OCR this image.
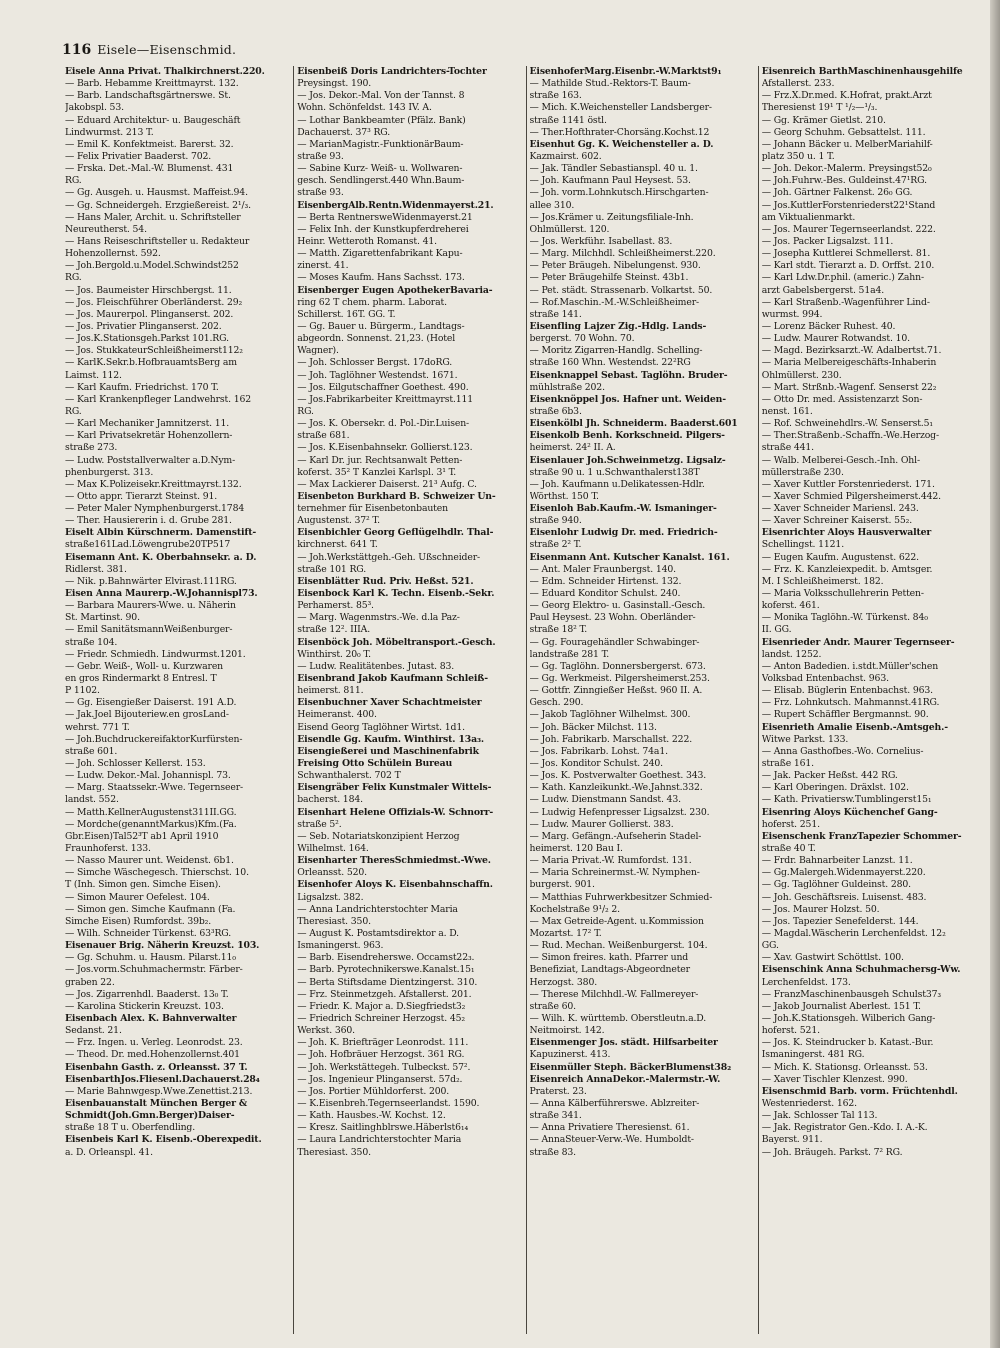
116 Eisele—Eisenschmid.
Eisele Anna Privat. Thalkirchnerst.220.
— Barb. Hebamme Kreittmayrst. 132.
— Barb. Landschaftsgärtnerswe. St.
Jakobspl. 53.
— Eduard Architektur- u. Baugeschäft
Lindwurmst. 213 T.
— Emil K. Konfektmeist. Barerst. 32.
— Felix Privatier Baaderst. 702.
— Frska. Det.-Mal.-W. Blumenst. 431
RG.
— Gg. Ausgeh. u. Hausmst. Maffeist.94.
— Gg. Schneidergeh. Erzgießereist. 2¹/₃.
— Hans Maler, Archit. u. Schriftsteller
Neureutherst. 54.
— Hans Reiseschriftsteller u. Redakteur
Hohenzollernst. 592.
— Joh.Bergold.u.Model.Schwindst252
RG.
— Jos. Baumeister Hirschbergst. 11.
— Jos. Fleischführer Oberländerst. 29₂
— Jos. Maurerpol. Plinganserst. 202.
— Jos. Privatier Plinganserst. 202.
— Jos.K.Stationsgeh.Parkst 101.RG.
— Jos. StukkateurSchleißheimerst112₂
— KarlK.Sekr.b.HofbrauamtsBerg am
Laimst. 112.
— Karl Kaufm. Friedrichst. 170 T.
— Karl Krankenpfleger Landwehrst. 162
RG.
— Karl Mechaniker Jamnitzerst. 11.
— Karl Privatsekretär Hohenzollern-
straße 273.
— Ludw. Poststallverwalter a.D.Nym-
phenburgerst. 313.
— Max K.Polizeisekr.Kreittmayrst.132.
— Otto appr. Tierarzt Steinst. 91.
— Peter Maler Nymphenburgerst.1784
— Ther. Hausiererin i. d. Grube 281.
Eiselt Albin Kürschnerm. Damenstift-
straße161Lad.Löwengrube20TP517
Eisemann Ant. K. Oberbahnsekr. a. D.
Ridlerst. 381.
— Nik. p.Bahnwärter Elvirast.111RG.
Eisen Anna Maurerp.-W.Johannispl73.
— Barbara Maurers-Wwe. u. Näherin
St. Martinst. 90.
— Emil SanitätsmannWeißenburger-
straße 104.
— Friedr. Schmiedh. Lindwurmst.1201.
— Gebr. Weiß-, Woll- u. Kurzwaren
en gros Rindermarkt 8 Entresl. T
P 1102.
— Gg. Eisengießer Daiserst. 191 A.D.
— Jak.Joel Bijouteriew.en grosLand-
wehrst. 771 T.
— Joh.BuchdruckereifaktorKurfürsten-
straße 601.
— Joh. Schlosser Kellerst. 153.
— Ludw. Dekor.-Mal. Johannispl. 73.
— Marg. Staatssekr.-Wwe. Tegernseer-
landst. 552.
— Matth.KellnerAugustenst311II.GG.
— Mordche(genanntMarkus)Kfm.(Fa.
Gbr.Eisen)Tal52³T ab1 April 1910
Fraunhoferst. 133.
— Nasso Maurer unt. Weidenst. 6b1.
— Simche Wäschegesch. Thierschst. 10.
T (Inh. Simon gen. Simche Eisen).
— Simon Maurer Oefelest. 104.
— Simon gen. Simche Kaufmann (Fa.
Simche Eisen) Rumfordst. 39b₂.
— Wilh. Schneider Türkenst. 63³RG.
Eisenauer Brig. Näherin Kreuzst. 103.
— Gg. Schuhm. u. Hausm. Pilarst.11₀
— Jos.vorm.Schuhmachermstr. Färber-
graben 22.
— Jos. Zigarrenhdl. Baaderst. 13₀ T.
— Karolina Stickerin Kreuzst. 103.
Eisenbach Alex. K. Bahnverwalter
Sedanst. 21.
— Frz. Ingen. u. Verleg. Leonrodst. 23.
— Theod. Dr. med.Hohenzollernst.401
Eisenbahn Gasth. z. Orleansst. 37 T.
EisenbarthJos.Fliesenl.Dachauerst.28₄
— Marie Bahnwgesp.Wwe.Zenettist.213.
Eisenbauanstalt München Berger &
Schmidt(Joh.Gmn.Berger)Daiser-
straße 18 T u. Oberfendling.
Eisenbeis Karl K. Eisenb.-Oberexpedit.
a. D. Orleanspl. 41.
Eisenbeiß Doris Landrichters-Tochter
Preysingst. 190.
— Jos. Dekor.-Mal. Von der Tannst. 8
Wohn. Schönfeldst. 143 IV. A.
— Lothar Bankbeamter (Pfälz. Bank)
Dachauerst. 37³ RG.
— MarianMagistr.-FunktionärBaum-
straße 93.
— Sabine Kurz- Weiß- u. Wollwaren-
gesch. Sendlingerst.440 Whn.Baum-
straße 93.
EisenbergAlb.Rentn.Widenmayerst.21.
— Berta RentnersweWidenmayerst.21
— Felix Inh. der Kunstkupferdreherei
Heinr. Wetteroth Romanst. 41.
— Matth. Zigarettenfabrikant Kapu-
zinerst. 41.
— Moses Kaufm. Hans Sachsst. 173.
Eisenberger Eugen ApothekerBavaria-
ring 62 T chem. pharm. Laborat.
Schillerst. 16T. GG. T.
— Gg. Bauer u. Bürgerm., Landtags-
abgeordn. Sonnenst. 21,23. (Hotel
Wagner).
— Joh. Schlosser Bergst. 17doRG.
— Joh. Taglöhner Westendst. 1671.
— Jos. Eilgutschaffner Goethest. 490.
— Jos.Fabrikarbeiter Kreittmayrst.111
RG.
— Jos. K. Obersekr. d. Pol.-Dir.Luisen-
straße 681.
— Jos. K.Eisenbahnsekr. Gollierst.123.
— Karl Dr. jur. Rechtsanwalt Petten-
koferst. 35² T Kanzlei Karlspl. 3¹ T.
— Max Lackierer Daiserst. 21³ Aufg. C.
Eisenbeton Burkhard B. Schweizer Un-
ternehmer für Eisenbetonbauten
Augustenst. 37² T.
Eisenbichler Georg Geflügelhdlr. Thal-
kirchnerst. 641 T.
— Joh.Werkstättgeh.-Geh. Ußschneider-
straße 101 RG.
Eisenblätter Rud. Priv. Heßst. 521.
Eisenbock Karl K. Techn. Eisenb.-Sekr.
Perhamerst. 85³.
— Marg. Wagenmstrs.-We. d.la Paz-
straße 12². IIIA.
Eisenböck Joh. Möbeltransport.-Gesch.
Winthirst. 20₀ T.
— Ludw. Realitätenbes. Jutast. 83.
Eisenbrand Jakob Kaufmann Schleiß-
heimerst. 811.
Eisenbuchner Xaver Schachtmeister
Heimeranst. 400.
Eisend Georg Taglöhner Wirtst. 1d1.
Eisendle Gg. Kaufm. Winthirst. 13a₃.
Eisengießerei und Maschinenfabrik
Freising Otto Schülein Bureau
Schwanthalerst. 702 T
Eisengräber Felix Kunstmaler Wittels-
bacherst. 184.
Eisenhart Helene Offizials-W. Schnorr-
straße 5².
— Seb. Notariatskonzipient Herzog
Wilhelmst. 164.
Eisenharter TheresSchmiedmst.-Wwe.
Orleansst. 520.
Eisenhofer Aloys K. Eisenbahnschaffn.
Ligsalzst. 382.
— Anna Landrichterstochter Maria
Theresiast. 350.
— August K. Postamtsdirektor a. D.
Ismaningerst. 963.
— Barb. Eisendreherswe. Occamst22₃.
— Barb. Pyrotechnikerswe.Kanalst.15₁
— Berta Stiftsdame Dientzingerst. 310.
— Frz. Steinmetzgeh. Afstallerst. 201.
— Friedr. K. Major a. D.Siegfriedst3₂
— Friedrich Schreiner Herzogst. 45₂
Werkst. 360.
— Joh. K. Briefträger Leonrodst. 111.
— Joh. Hofbräuer Herzogst. 361 RG.
— Joh. Werkstättegeh. Tulbeckst. 57².
— Jos. Ingenieur Plinganserst. 57d₂.
— Jos. Portier Mühldorferst. 200.
— K.Eisenbreh.Tegernseerlandst. 1590.
— Kath. Hausbes.-W. Kochst. 12.
— Kresz. Saitlinghblrswe.Häberlst6₁₄
— Laura Landrichterstochter Maria
Theresiast. 350.
EisenhoferMarg.Eisenbr.-W.Marktst9₁
— Mathilde Stud.-Rektors-T. Baum-
straße 163.
— Mich. K.Weichensteller Landsberger-
straße 1141 östl.
— Ther.Hofthrater-Chorsäng.Kochst.12
Eisenhut Gg. K. Weichensteller a. D.
Kazmairst. 602.
— Jak. Tändler Sebastianspl. 40 u. 1.
— Joh. Kaufmann Paul Heysest. 53.
— Joh. vorm.Lohnkutsch.Hirschgarten-
allee 310.
— Jos.Krämer u. Zeitungsfiliale-Inh.
Ohlmüllerst. 120.
— Jos. Werkführ. Isabellast. 83.
— Marg. Milchhdl. Schleißheimerst.220.
— Peter Bräugeh. Nibelungenst. 930.
— Peter Bräugehilfe Steinst. 43b1.
— Pet. städt. Strassenarb. Volkartst. 50.
— Rof.Maschin.-M.-W.Schleißheimer-
straße 141.
Eisenfling Lajzer Zig.-Hdlg. Lands-
bergerst. 70 Wohn. 70.
— Moritz Zigarren-Handlg. Schelling-
straße 160 Whn. Westendst. 22²RG
Eisenknappel Sebast. Taglöhn. Bruder-
mühlstraße 202.
Eisenknöppel Jos. Hafner unt. Weiden-
straße 6b3.
Eisenkölbl Jh. Schneiderm. Baaderst.601
Eisenkolb Benh. Korkschneid. Pilgers-
heimerst. 24² II. A.
Eisenlauer Joh.Schweinmetzg. Ligsalz-
straße 90 u. 1 u.Schwanthalerst138T
— Joh. Kaufmann u.Delikatessen-Hdlr.
Wörthst. 150 T.
Eisenloh Bab.Kaufm.-W. Ismaninger-
straße 940.
Eisenlohr Ludwig Dr. med. Friedrich-
straße 2² T.
Eisenmann Ant. Kutscher Kanalst. 161.
— Ant. Maler Fraunbergst. 140.
— Edm. Schneider Hirtenst. 132.
— Eduard Konditor Schulst. 240.
— Georg Elektro- u. Gasinstall.-Gesch.
Paul Heysest. 23 Wohn. Oberländer-
straße 18² T.
— Gg. Fouragehändler Schwabinger-
landstraße 281 T.
— Gg. Taglöhn. Donnersbergerst. 673.
— Gg. Werkmeist. Pilgersheimerst.253.
— Gottfr. Zinngießer Heßst. 960 II. A.
Gesch. 290.
— Jakob Taglöhner Wilhelmst. 300.
— Joh. Bäcker Milchst. 113.
— Joh. Fabrikarb. Marschallst. 222.
— Jos. Fabrikarb. Lohst. 74a1.
— Jos. Konditor Schulst. 240.
— Jos. K. Postverwalter Goethest. 343.
— Kath. Kanzleikunkt.-We.Jahnst.332.
— Ludw. Dienstmann Sandst. 43.
— Ludwig Hefenpresser Ligsalzst. 230.
— Ludw. Maurer Gollierst. 383.
— Marg. Gefängn.-Aufseherin Stadel-
heimerst. 120 Bau I.
— Maria Privat.-W. Rumfordst. 131.
— Maria Schreinermst.-W. Nymphen-
burgerst. 901.
— Matthias Fuhrwerkbesitzer Schmied-
Kochelstraße 9¹/₂ 2.
— Max Getreide-Agent. u.Kommission
Mozartst. 17² T.
— Rud. Mechan. Weißenburgerst. 104.
— Simon freires. kath. Pfarrer und
Benefiziat, Landtags-Abgeordneter
Herzogst. 380.
— Therese Milchhdl.-W. Fallmereyer-
straße 60.
— Wilh. K. württemb. Oberstleutn.a.D.
Neitmoirst. 142.
Eisenmenger Jos. städt. Hilfsarbeiter
Kapuzinerst. 413.
Eisenmüller Steph. BäckerBlumenst38₂
Eisenreich AnnaDekor.-Malermstr.-W.
Praterst. 23.
— Anna Kälberführerswe. Ablzreiter-
straße 341.
— Anna Privatiere Theresienst. 61.
— AnnaSteuer-Verw.-We. Humboldt-
straße 83.
Eisenreich BarthMaschinenhausgehilfe
Afstallerst. 233.
— Frz.X.Dr.med. K.Hofrat, prakt.Arzt
Theresienst 19¹ T ¹/₂—¹/₃.
— Gg. Krämer Gietlst. 210.
— Georg Schuhm. Gebsattelst. 111.
— Johann Bäcker u. MelberMariahilf-
platz 350 u. 1 T.
— Joh. Dekor.-Malerm. Preysingst52₀
— Joh.Fuhrw.-Bes. Guldeinst.47¹RG.
— Joh. Gärtner Falkenst. 26₀ GG.
— Jos.KuttlerForstenriederst22¹Stand
am Viktualienmarkt.
— Jos. Maurer Tegernseerlandst. 222.
— Jos. Packer Ligsalzst. 111.
— Josepha Kuttlerei Schmellerst. 81.
— Karl stdt. Tierarzt a. D. Orffst. 210.
— Karl Ldw.Dr.phil. (americ.) Zahn-
arzt Gabelsbergerst. 51a4.
— Karl Straßenb.-Wagenführer Lind-
wurmst. 994.
— Lorenz Bäcker Ruhest. 40.
— Ludw. Maurer Rotwandst. 10.
— Magd. Bezirksarzt.-W. Adalbertst.71.
— Maria Melbereigeschäfts-Inhaberin
Ohlmüllerst. 230.
— Mart. Strßnb.-Wagenf. Senserst 22₂
— Otto Dr. med. Assistenzarzt Son-
nenst. 161.
— Rof. Schweinehdlrs.-W. Senserst.5₁
— Ther.Straßenb.-Schaffn.-We.Herzog-
straße 441.
— Walb. Melberei-Gesch.-Inh. Ohl-
müllerstraße 230.
— Xaver Kuttler Forstenriederst. 171.
— Xaver Schmied Pilgersheimerst.442.
— Xaver Schneider Mariensl. 243.
— Xaver Schreiner Kaiserst. 55₂.
Eisenrichter Aloys Hausverwalter
Schellingst. 1121.
— Eugen Kaufm. Augustenst. 622.
— Frz. K. Kanzleiexpedit. b. Amtsger.
M. I Schleißheimerst. 182.
— Maria Volksschullehrerin Petten-
koferst. 461.
— Monika Taglöhn.-W. Türkenst. 84₀
II. GG.
Eisenrieder Andr. Maurer Tegernseer-
landst. 1252.
— Anton Badedien. i.stdt.Müller'schen
Volksbad Entenbachst. 963.
— Elisab. Büglerin Entenbachst. 963.
— Frz. Lohnkutsch. Mahmannst.41RG.
— Rupert Schäffler Bergmannst. 90.
Eisenrieth Amalie Eisenb.-Amtsgeh.-
Witwe Parkst. 133.
— Anna Gasthofbes.-Wo. Cornelius-
straße 161.
— Jak. Packer Heßst. 442 RG.
— Karl Oberingen. Dräxlst. 102.
— Kath. Privatiersw.Tumblingerst15₁
Eisenring Aloys Küchenchef Gang-
hoferst. 251.
Eisenschenk FranzTapezier Schommer-
straße 40 T.
— Frdr. Bahnarbeiter Lanzst. 11.
— Gg.Malergeh.Widenmayerst.220.
— Gg. Taglöhner Guldeinst. 280.
— Joh. Geschäftsreis. Luisenst. 483.
— Jos. Maurer Holzst. 50.
— Jos. Tapezier Senefelderst. 144.
— Magdal.Wäscherin Lerchenfeldst. 12₂
GG.
— Xav. Gastwirt Schöttlst. 100.
Eisenschink Anna Schuhmachersg-Ww.
Lerchenfeldst. 173.
— FranzMaschinenbausgeh Schulst37₃
— Jakob Journalist Aberlest. 151 T.
— Joh.K.Stationsgeh. Wilberich Gang-
hoferst. 521.
— Jos. K. Steindrucker b. Katast.-Bur.
Ismaningerst. 481 RG.
— Mich. K. Stationsg. Orleansst. 53.
— Xaver Tischler Klenzest. 990.
Eisenschmid Barb. vorm. Früchtenhdl.
Westenriederst. 162.
— Jak. Schlosser Tal 113.
— Jak. Registrator Gen.-Kdo. I. A.-K.
Bayerst. 911.
— Joh. Bräugeh. Parkst. 7² RG.
